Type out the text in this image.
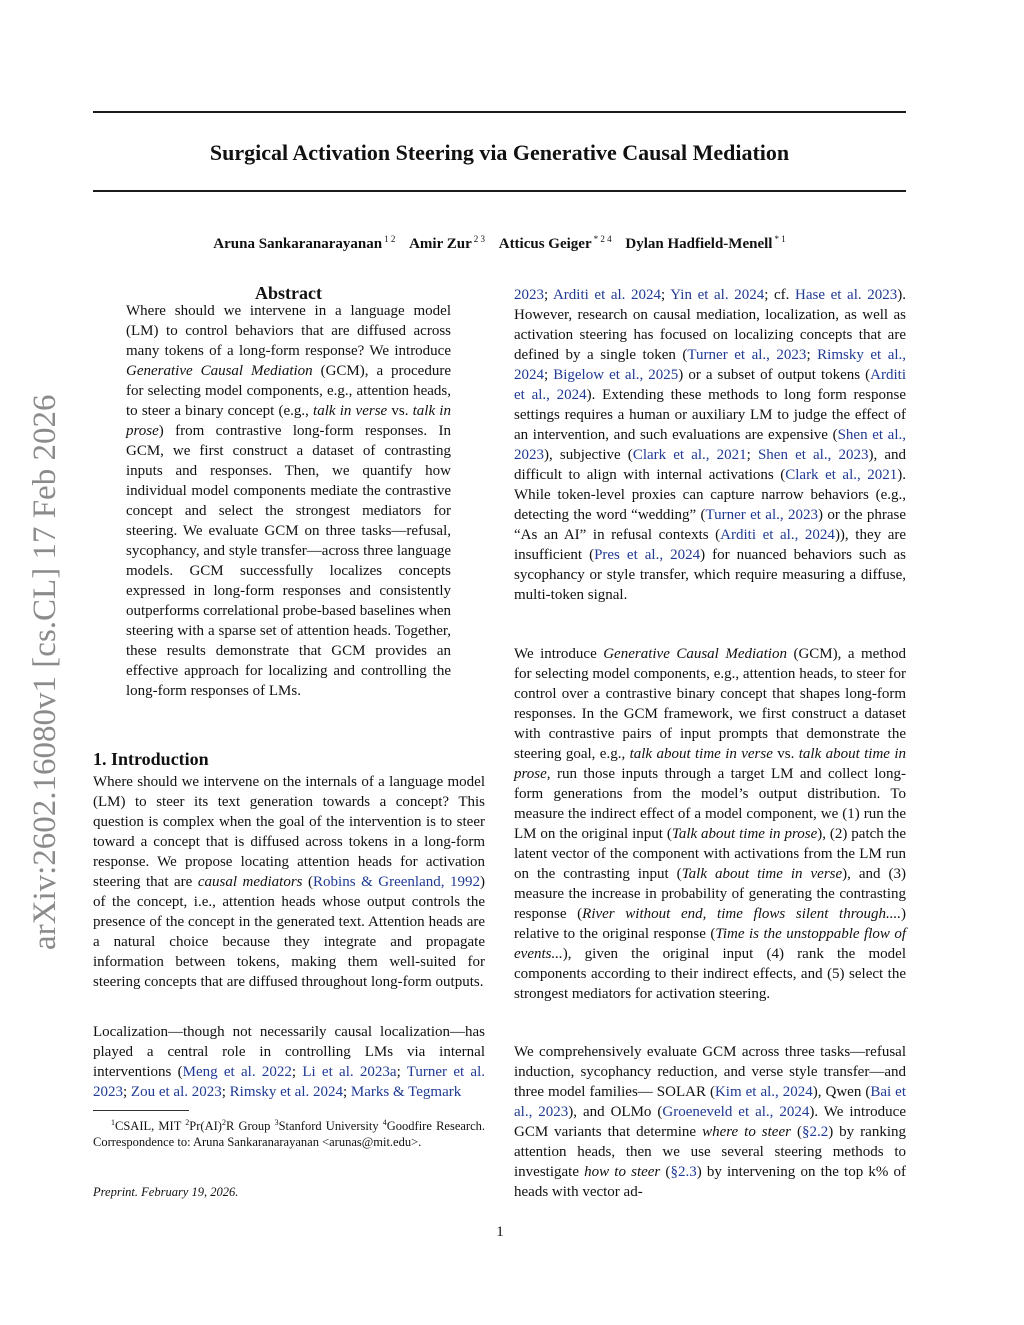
Surgical Activation Steering via Generative Causal Mediation
Aruna Sankaranarayanan $^{1 2}$ Amir Zur $^{2 3}$ Atticus Geiger $^{* 2 4}$ Dylan Hadfield-Menell $^{* 1}$
arXiv:2602.16080v1 [cs.CL] 17 Feb 2026
Abstract

Where should we intervene in a language model (LM) to control behaviors that are diffused across many tokens of a long-form response? We introduce Generative Causal Mediation (GCM), a procedure for selecting model components, e.g., attention heads, to steer a binary concept (e.g., talk in verse vs. talk in prose) from contrastive long-form responses. In GCM, we first construct a dataset of contrasting inputs and responses. Then, we quantify how individual model components mediate the contrastive concept and select the strongest mediators for steering. We evaluate GCM on three tasks—refusal, sycophancy, and style transfer—across three language models. GCM successfully localizes concepts expressed in long-form responses and consistently outperforms correlational probe-based baselines when steering with a sparse set of attention heads. Together, these results demonstrate that GCM provides an effective approach for localizing and controlling the long-form responses of LMs.

1. Introduction

Where should we intervene on the internals of a language model (LM) to steer its text generation towards a concept? This question is complex when the goal of the intervention is to steer toward a concept that is diffused across tokens in a long-form response. We propose locating attention heads for activation steering that are causal mediators (Robins & Greenland, 1992) of the concept, i.e., attention heads whose output controls the presence of the concept in the generated text. Attention heads are a natural choice because they integrate and propagate information between tokens, making them well-suited for steering concepts that are diffused throughout long-form outputs.

Localization—though not necessarily causal localization—has played a central role in controlling LMs via internal interventions (Meng et al. 2022; Li et al. 2023a; Turner et al. 2023; Zou et al. 2023; Rimsky et al. 2024; Marks & Tegmark

$^1$CSAIL, MIT $^2$Pr(AI)$^2$R Group $^3$Stanford University $^4$Goodfire Research. Correspondence to: Aruna Sankaranarayanan <arunas@mit.edu>.

Preprint. February 19, 2026.

2023; Arditi et al. 2024; Yin et al. 2024; cf. Hase et al. 2023). However, research on causal mediation, localization, as well as activation steering has focused on localizing concepts that are defined by a single token (Turner et al., 2023; Rimsky et al., 2024; Bigelow et al., 2025) or a subset of output tokens (Arditi et al., 2024). Extending these methods to long form response settings requires a human or auxiliary LM to judge the effect of an intervention, and such evaluations are expensive (Shen et al., 2023), subjective (Clark et al., 2021; Shen et al., 2023), and difficult to align with internal activations (Clark et al., 2021). While token-level proxies can capture narrow behaviors (e.g., detecting the word “wedding” (Turner et al., 2023) or the phrase “As an AI” in refusal contexts (Arditi et al., 2024)), they are insufficient (Pres et al., 2024) for nuanced behaviors such as sycophancy or style transfer, which require measuring a diffuse, multi-token signal.

We introduce Generative Causal Mediation (GCM), a method for selecting model components, e.g., attention heads, to steer for control over a contrastive binary concept that shapes long-form responses. In the GCM framework, we first construct a dataset with contrastive pairs of input prompts that demonstrate the steering goal, e.g., talk about time in verse vs. talk about time in prose, run those inputs through a target LM and collect long-form generations from the model’s output distribution. To measure the indirect effect of a model component, we (1) run the LM on the original input (Talk about time in prose), (2) patch the latent vector of the component with activations from the LM run on the contrasting input (Talk about time in verse), and (3) measure the increase in probability of generating the contrasting response (River without end, time flows silent through....) relative to the original response (Time is the unstoppable flow of events...), given the original input (4) rank the model components according to their indirect effects, and (5) select the strongest mediators for activation steering.

We comprehensively evaluate GCM across three tasks—refusal induction, sycophancy reduction, and verse style transfer—and three model families— SOLAR (Kim et al., 2024), Qwen (Bai et al., 2023), and OLMo (Groeneveld et al., 2024). We introduce GCM variants that determine where to steer (§2.2) by ranking attention heads, then we use several steering methods to investigate how to steer (§2.3) by intervening on the top k% of heads with vector ad-

1
